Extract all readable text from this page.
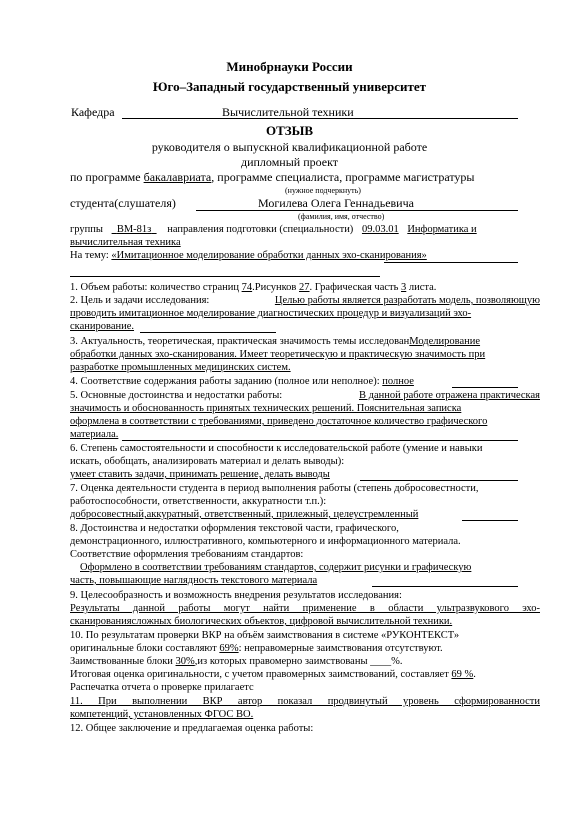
Минобрнауки России
Юго–Западный государственный университет
Кафедра	Вычислительной техники
ОТЗЫВ
руководителя о выпускной квалификационной работе
дипломный проект
по программе бакалавриата, программе специалиста, программе магистратуры
(нужное подчеркнуть)
студента(слушателя)	Могилева Олега Геннадьевича
(фамилия, имя, отчество)
группы ВМ-81з направления подготовки (специальности) 09.03.01 Информатика и
вычислительная техника
На тему: «Имитационное моделирование обработки данных эхо-сканирования»
1. Объем работы: количество страниц 74.Рисунков 27. Графическая часть 3 листа.
2. Цель и задачи исследования:	Целью работы является разработать модель, позволяющую
проводить имитационное моделирование диагностических процедур и визуализаций эхо-
сканирование.
3. Актуальность, теоретическая, практическая значимость темы исследованМоделирование
обработки данных эхо-сканирования. Имеет теоретическую и практическую значимость при
разработке промышленных медицинских систем.
4. Соответствие содержания работы заданию (полное или неполное): полное
5. Основные достоинства и недостатки работы:	В данной работе отражена практическая
значимость и обоснованность принятых технических решений. Пояснительная записка
оформлена в соответствии с требованиями, приведено достаточное количество графического
материала.
6. Степень самостоятельности и способности к исследовательской работе (умение и навыки
искать, обобщать, анализировать материал и делать выводы):
умеет ставить задачи, принимать решение, делать выводы
7. Оценка деятельности студента в период выполнения работы (степень добросовестности,
работоспособности, ответственности, аккуратности т.п.):
добросовестный,аккуратный, ответственный, прилежный, целеустремленный
8. Достоинства и недостатки оформления текстовой части, графического,
демонстрационного, иллюстративного, компьютерного и информационного материала.
Соответствие оформления требованиям стандартов:
Оформлено в соответствии требованиям стандартов, содержит рисунки и графическую
часть, повышающие наглядность текстового материала
9. Целесообразность и возможность внедрения результатов исследования:
Результаты данной работы могут найти применение в области ультразвукового эхо-
сканированиясложных биологических объектов, цифровой вычислительной техники.
10. По результатам проверки ВКР на объём заимствования в системе «РУКОНТЕКСТ»
оригинальные блоки составляют 69%: неправомерные заимствования отсутствуют.
Заимствованные блоки 30%,из которых правомерно заимствованы ____%.
Итоговая оценка оригинальности, с учетом правомерных заимствований, составляет 69 %.
Распечатка отчета о проверке прилагаетс
11. При выполнении ВКР автор показал продвинутый уровень сформированности
компетенций, установленных ФГОС ВО.
12. Общее заключение и предлагаемая оценка работы:
